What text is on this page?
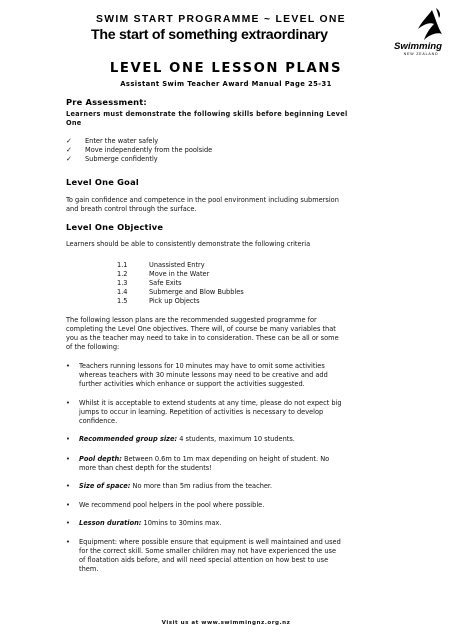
SWIM START PROGRAMME ~ LEVEL ONE
The start of something extraordinary
Swimming
NEW ZEALAND
LEVEL ONE LESSON PLANS
Assistant Swim Teacher Award Manual Page 25-31
Pre Assessment:
Learners must demonstrate the following skills before beginning Level
One
✓ Enter the water safely
✓ Move independently from the poolside
✓ Submerge confidently
Level One Goal
To gain confidence and competence in the pool environment including submersion
and breath control through the surface.
Level One Objective
Learners should be able to consistently demonstrate the following criteria
1.1	Unassisted Entry
1.2	Move in the Water
1.3	Safe Exits
1.4	Submerge and Blow Bubbles
1.5	Pick up Objects
The following lesson plans are the recommended suggested programme for
completing the Level One objectives. There will, of course be many variables that
you as the teacher may need to take in to consideration. These can be all or some
of the following:
• Teachers running lessons for 10 minutes may have to omit some activities
whereas teachers with 30 minute lessons may need to be creative and add
further activities which enhance or support the activities suggested.
• Whilst it is acceptable to extend students at any time, please do not expect big
jumps to occur in learning. Repetition of activities is necessary to develop
confidence.
•	Recommended group size: 4 students, maximum 10 students.
• Pool depth: Between 0.6m to 1m max depending on height of student. No
more than chest depth for the students!
•	Size of space: No more than 5m radius from the teacher.
•	We recommend pool helpers in the pool where possible.
•	Lesson duration: 10mins to 30mins max.
• Equipment: where possible ensure that equipment is well maintained and used
for the correct skill. Some smaller children may not have experienced the use
of floatation aids before, and will need special attention on how best to use
them.
Visit us at www.swimmingnz.org.nz
